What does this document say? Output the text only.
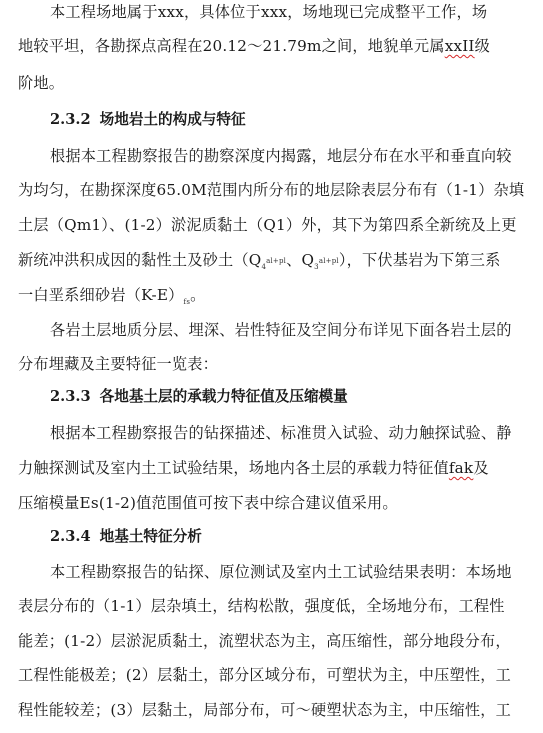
本工程场地属于xxx，具体位于xxx，场地现已完成整平工作，场
地较平坦，各勘探点高程在20.12～21.79m之间，地貌单元属xxII级
阶地。
2.3.2 场地岩土的构成与特征
根据本工程勘察报告的勘察深度内揭露，地层分布在水平和垂直向较
为均匀，在勘探深度65.0M范围内所分布的地层除表层分布有（1-1）杂填
土层（Qm1）、(1-2）淤泥质黏土（Q1）外，其下为第四系全新统及上更
新统冲洪积成因的黏性土及砂土（$Q_4^{al+pl}$、$Q_3^{al+pl}$），下伏基岩为下第三系
一白垩系细砂岩$(K-E)_{fs}$。
各岩土层地质分层、埋深、岩性特征及空间分布详见下面各岩土层的
分布埋藏及主要特征一览表：
2.3.3 各地基土层的承载力特征值及压缩模量
根据本工程勘察报告的钻探描述、标准贯入试验、动力触探试验、静
力触探测试及室内土工试验结果，场地内各土层的承载力特征值fak及
压缩模量Es(1-2)值范围值可按下表中综合建议值采用。
2.3.4 地基土特征分析
本工程勘察报告的钻探、原位测试及室内土工试验结果表明：本场地
表层分布的（1-1）层杂填土，结构松散，强度低，全场地分布，工程性
能差；(1-2）层淤泥质黏土，流塑状态为主，高压缩性，部分地段分布，
工程性能极差；(2）层黏土，部分区域分布，可塑状为主，中压塑性，工
程性能较差；(3）层黏土，局部分布，可～硬塑状态为主，中压缩性，工
